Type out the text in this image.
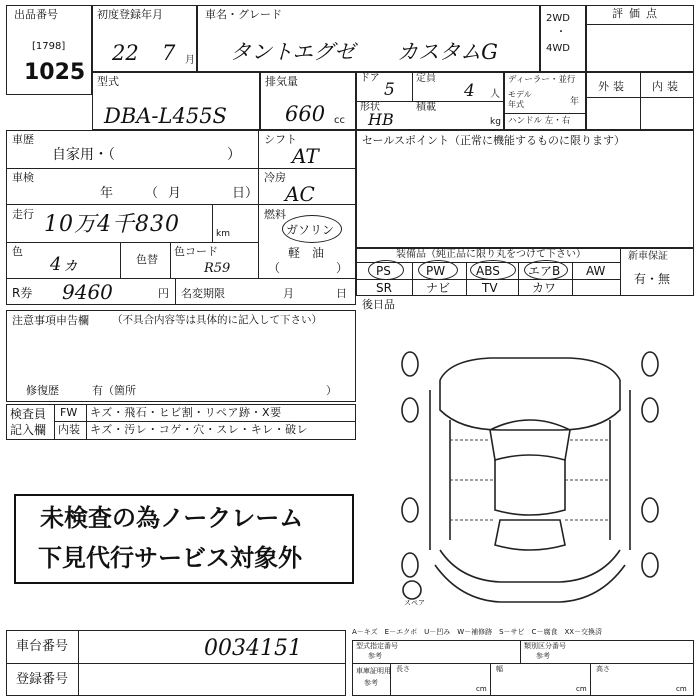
出品番号
[1798]
1025
初度登録年月
22 7 月
車名・グレード
タントエグゼ　　カスタムG
2WD
・
4WD
評価点
型式
DBA-L455S
排気量
660 cc
ドア
5
定員
4 人
形状
HB
積載
kg
ディーラー・並行
モデル年式	年
ハンドル 左・右
外装 内装
車歴
自家用・（　　　　　　　　）
シフト
AT
車検
年 （ 月	日）
冷房
AC
走行 10万4千830	km
燃料
ガソリン
軽　油
（	）
色
4ヵ	色替
色コード
R59
R券 9460	円 名変期限	月	日
セールスポイント（正常に機能するものに限ります）
装備品（純正品に限り丸をつけて下さい）	新車保証
有・無
PS	PW	ABS エアB AW
SR	ナビ	TV	カワ
後日品
注意事項申告欄 （不具合内容等は具体的に記入して下さい）
修復歴	有（箇所	）
検査員
記入欄
FW キズ・飛石・ヒビ割・リペア跡・X要
内装 キズ・汚レ・コゲ・穴・スレ・キレ・破レ
未検査の為ノークレーム
下見代行サービス対象外
スペア
車台番号	0034151
登録番号
A－キズ　E－エクボ　U－凹み　W－補修跡　S－サビ　C－腐食　XX－交換済
型式指定番号
参考
類別区分番号
参考
車庫証明用
参考
長さ
cm
幅
cm
高さ
cm
